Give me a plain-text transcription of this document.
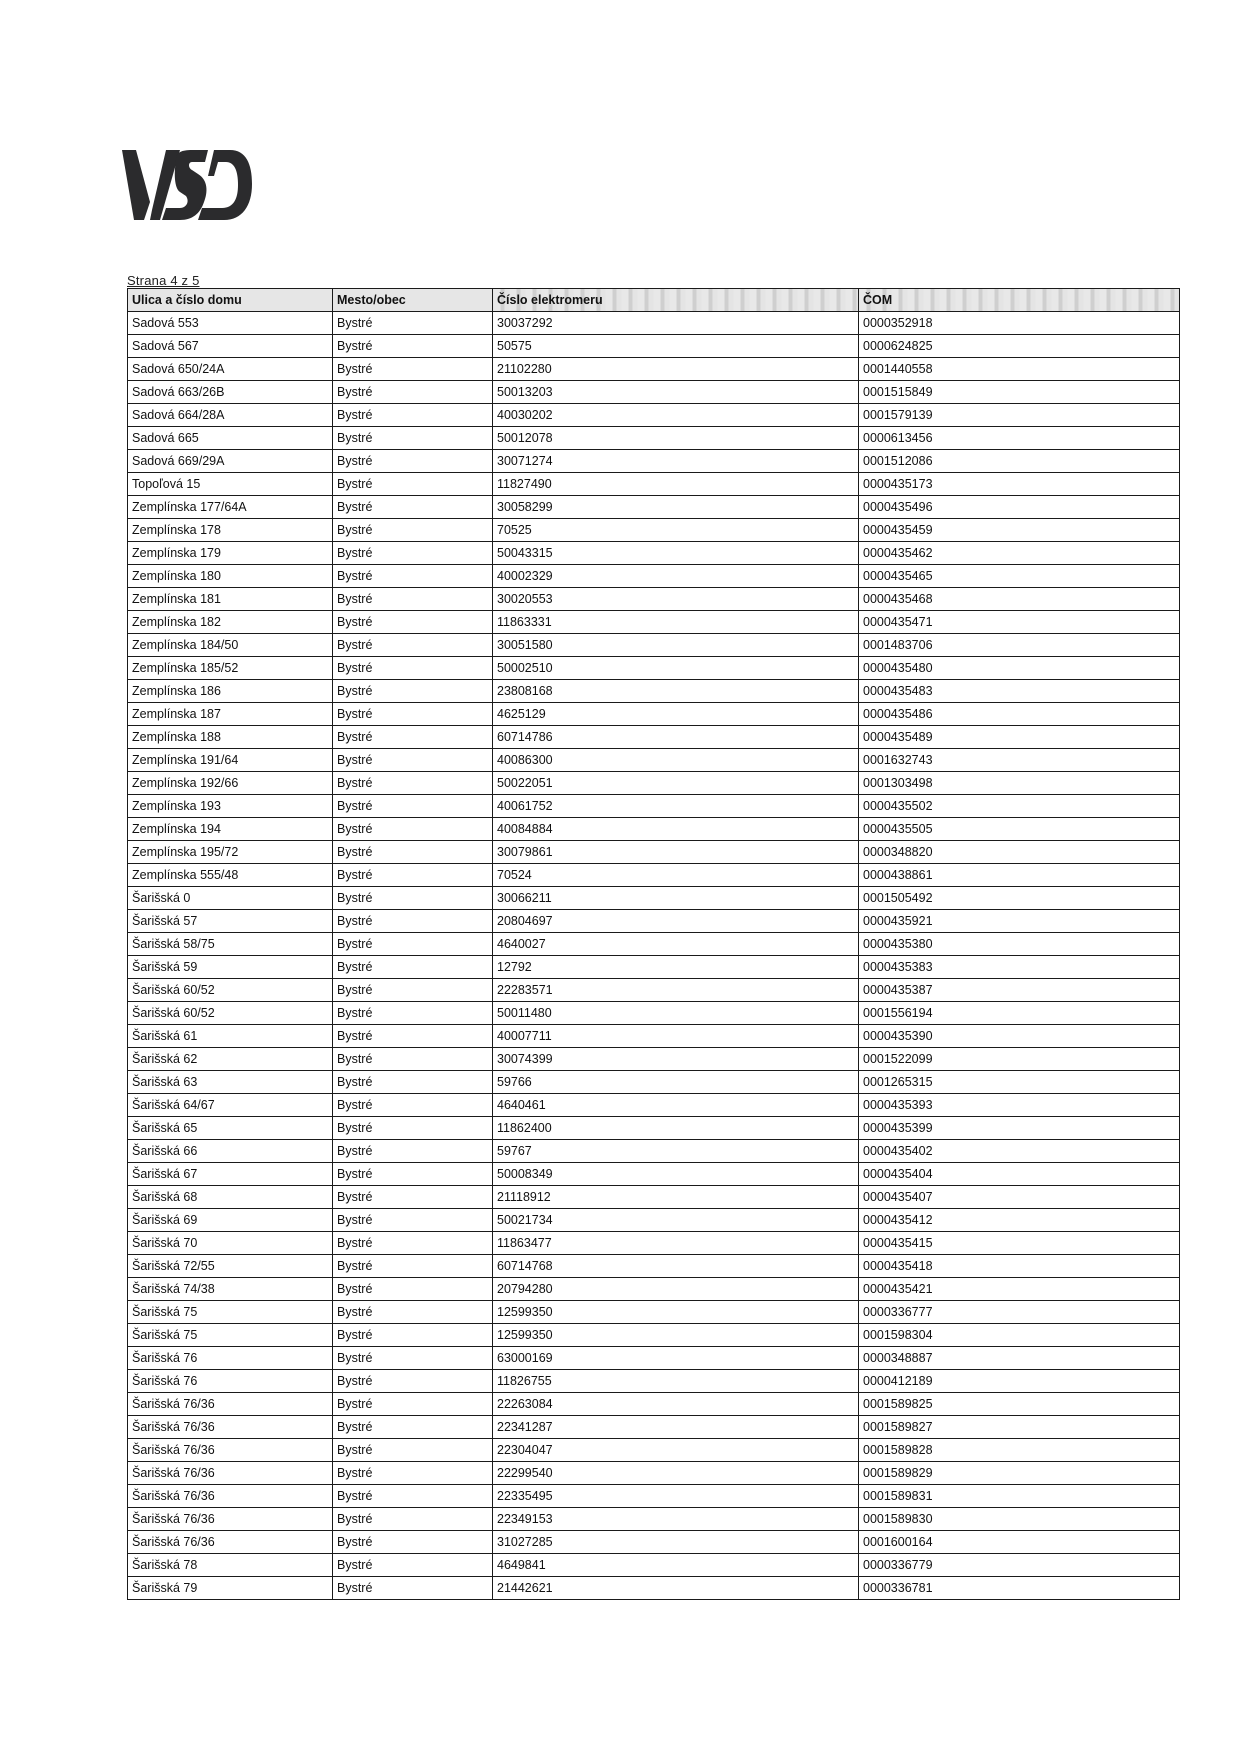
Strana 4 z 5
Ulica a číslo domu	Mesto/obec	Číslo elektromeru	ČOM
Sadová 553	Bystré	30037292	0000352918
Sadová 567	Bystré	50575	0000624825
Sadová 650/24A	Bystré	21102280	0001440558
Sadová 663/26B	Bystré	50013203	0001515849
Sadová 664/28A	Bystré	40030202	0001579139
Sadová 665	Bystré	50012078	0000613456
Sadová 669/29A	Bystré	30071274	0001512086
Topoľová 15	Bystré	11827490	0000435173
Zemplínska 177/64A	Bystré	30058299	0000435496
Zemplínska 178	Bystré	70525	0000435459
Zemplínska 179	Bystré	50043315	0000435462
Zemplínska 180	Bystré	40002329	0000435465
Zemplínska 181	Bystré	30020553	0000435468
Zemplínska 182	Bystré	11863331	0000435471
Zemplínska 184/50	Bystré	30051580	0001483706
Zemplínska 185/52	Bystré	50002510	0000435480
Zemplínska 186	Bystré	23808168	0000435483
Zemplínska 187	Bystré	4625129	0000435486
Zemplínska 188	Bystré	60714786	0000435489
Zemplínska 191/64	Bystré	40086300	0001632743
Zemplínska 192/66	Bystré	50022051	0001303498
Zemplínska 193	Bystré	40061752	0000435502
Zemplínska 194	Bystré	40084884	0000435505
Zemplínska 195/72	Bystré	30079861	0000348820
Zemplínska 555/48	Bystré	70524	0000438861
Šarišská 0	Bystré	30066211	0001505492
Šarišská 57	Bystré	20804697	0000435921
Šarišská 58/75	Bystré	4640027	0000435380
Šarišská 59	Bystré	12792	0000435383
Šarišská 60/52	Bystré	22283571	0000435387
Šarišská 60/52	Bystré	50011480	0001556194
Šarišská 61	Bystré	40007711	0000435390
Šarišská 62	Bystré	30074399	0001522099
Šarišská 63	Bystré	59766	0001265315
Šarišská 64/67	Bystré	4640461	0000435393
Šarišská 65	Bystré	11862400	0000435399
Šarišská 66	Bystré	59767	0000435402
Šarišská 67	Bystré	50008349	0000435404
Šarišská 68	Bystré	21118912	0000435407
Šarišská 69	Bystré	50021734	0000435412
Šarišská 70	Bystré	11863477	0000435415
Šarišská 72/55	Bystré	60714768	0000435418
Šarišská 74/38	Bystré	20794280	0000435421
Šarišská 75	Bystré	12599350	0000336777
Šarišská 75	Bystré	12599350	0001598304
Šarišská 76	Bystré	63000169	0000348887
Šarišská 76	Bystré	11826755	0000412189
Šarišská 76/36	Bystré	22263084	0001589825
Šarišská 76/36	Bystré	22341287	0001589827
Šarišská 76/36	Bystré	22304047	0001589828
Šarišská 76/36	Bystré	22299540	0001589829
Šarišská 76/36	Bystré	22335495	0001589831
Šarišská 76/36	Bystré	22349153	0001589830
Šarišská 76/36	Bystré	31027285	0001600164
Šarišská 78	Bystré	4649841	0000336779
Šarišská 79	Bystré	21442621	0000336781
